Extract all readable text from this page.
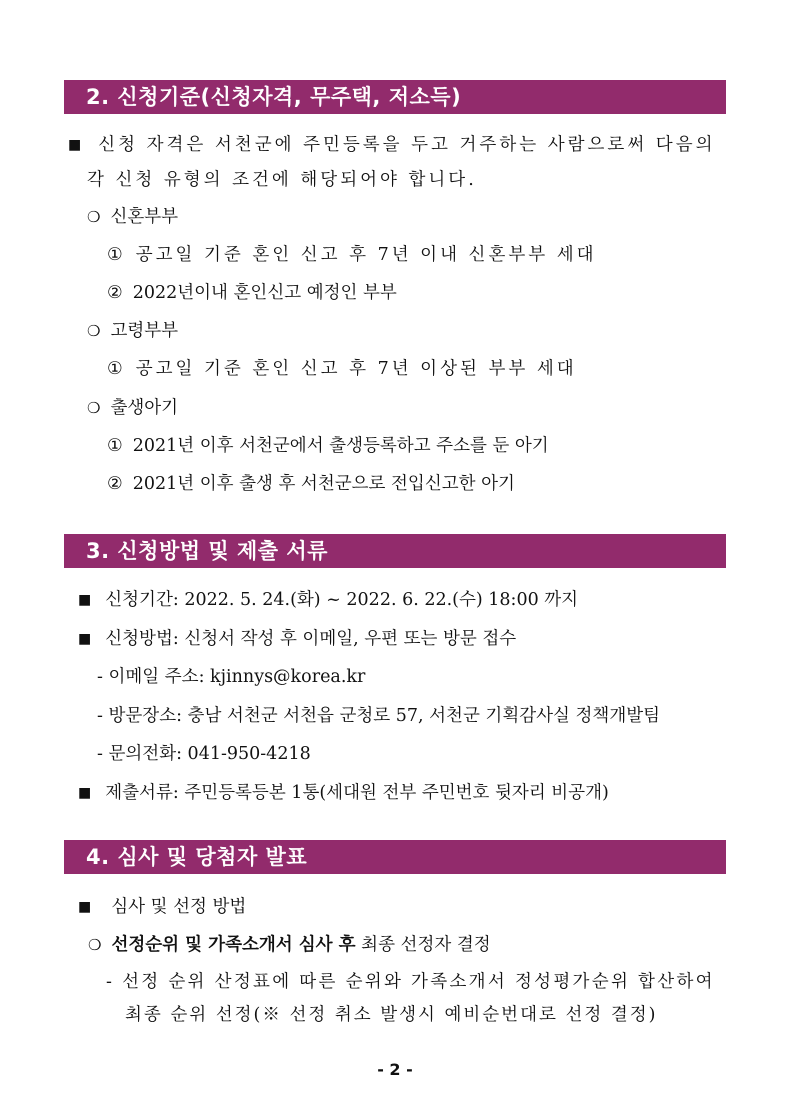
2. 신청기준(신청자격, 무주택, 저소득)
■ 신청 자격은 서천군에 주민등록을 두고 거주하는 사람으로써 다음의
각 신청 유형의 조건에 해당되어야 합니다.
❍ 신혼부부
① 공고일 기준 혼인 신고 후 7년 이내 신혼부부 세대
② 2022년이내 혼인신고 예정인 부부
❍ 고령부부
① 공고일 기준 혼인 신고 후 7년 이상된 부부 세대
❍ 출생아기
① 2021년 이후 서천군에서 출생등록하고 주소를 둔 아기
② 2021년 이후 출생 후 서천군으로 전입신고한 아기
3. 신청방법 및 제출 서류
■ 신청기간: 2022. 5. 24.(화) ~ 2022. 6. 22.(수) 18:00 까지
■ 신청방법: 신청서 작성 후 이메일, 우편 또는 방문 접수
- 이메일 주소: kjinnys@korea.kr
- 방문장소: 충남 서천군 서천읍 군청로 57, 서천군 기획감사실 정책개발팀
- 문의전화: 041-950-4218
■ 제출서류: 주민등록등본 1통(세대원 전부 주민번호 뒷자리 비공개)
4. 심사 및 당첨자 발표
■ 심사 및 선정 방법
❍ 선정순위 및 가족소개서 심사 후 최종 선정자 결정
- 선정 순위 산정표에 따른 순위와 가족소개서 정성평가순위 합산하여
최종 순위 선정(※ 선정 취소 발생시 예비순번대로 선정 결정)
- 2 -
